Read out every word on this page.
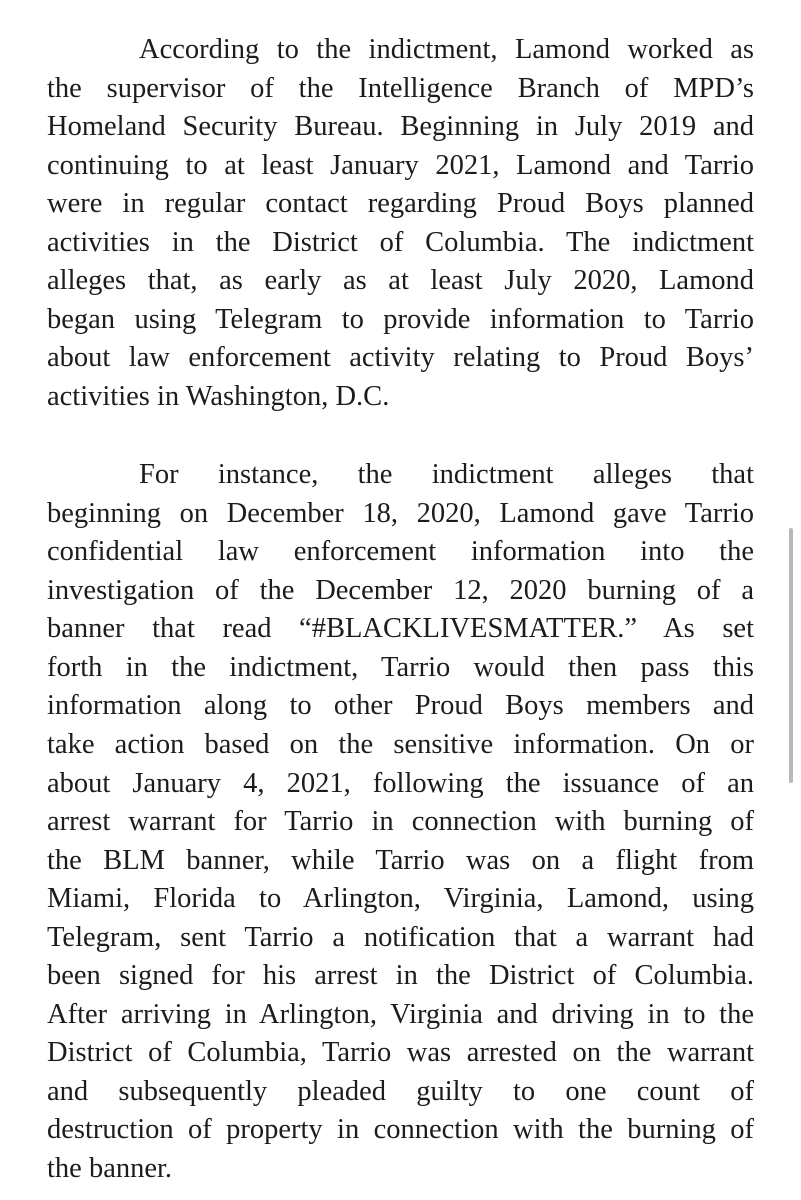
According to the indictment, Lamond worked as

the supervisor of the Intelligence Branch of MPD’s

Homeland Security Bureau. Beginning in July 2019 and

continuing to at least January 2021, Lamond and Tarrio

were in regular contact regarding Proud Boys planned

activities in the District of Columbia. The indictment

alleges that, as early as at least July 2020, Lamond

began using Telegram to provide information to Tarrio

about law enforcement activity relating to Proud Boys’

activities in Washington, D.C.

For instance, the indictment alleges that

beginning on December 18, 2020, Lamond gave Tarrio

confidential law enforcement information into the

investigation of the December 12, 2020 burning of a

banner that read “#BLACKLIVESMATTER.” As set

forth in the indictment, Tarrio would then pass this

information along to other Proud Boys members and

take action based on the sensitive information. On or

about January 4, 2021, following the issuance of an

arrest warrant for Tarrio in connection with burning of

the BLM banner, while Tarrio was on a flight from

Miami, Florida to Arlington, Virginia, Lamond, using

Telegram, sent Tarrio a notification that a warrant had

been signed for his arrest in the District of Columbia.

After arriving in Arlington, Virginia and driving in to the

District of Columbia, Tarrio was arrested on the warrant

and subsequently pleaded guilty to one count of

destruction of property in connection with the burning of

the banner.
